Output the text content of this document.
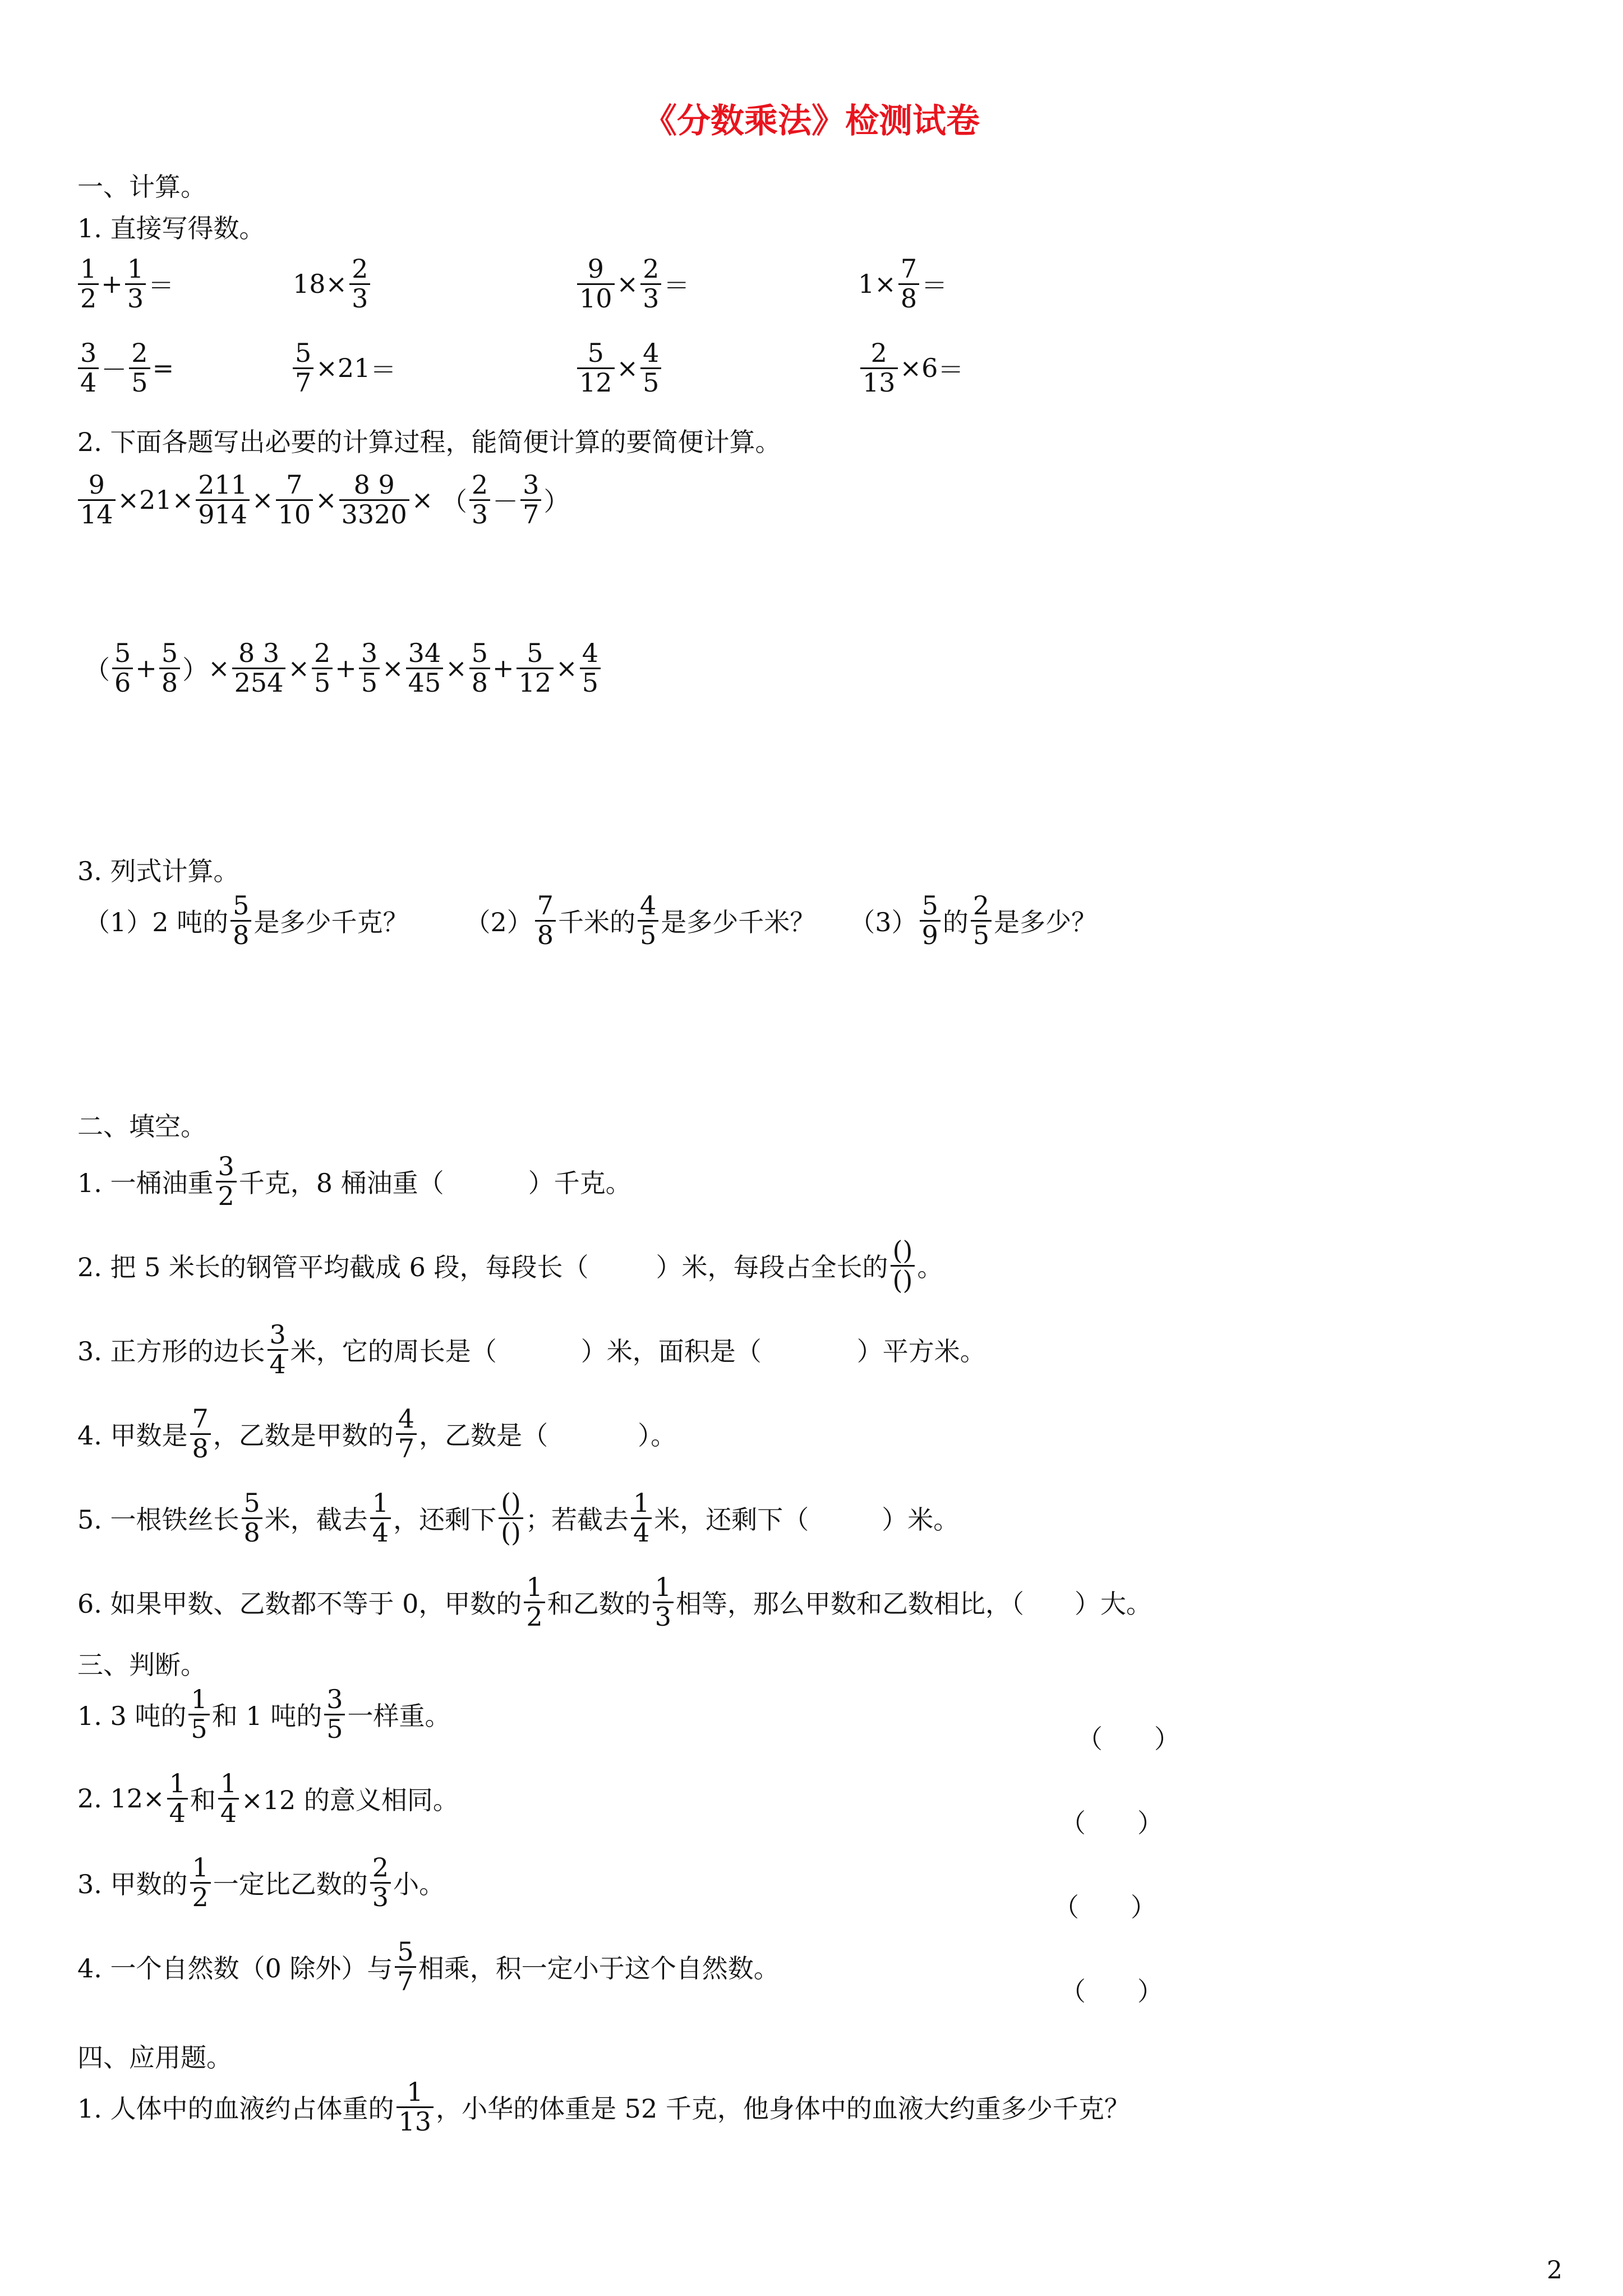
《分数乘法》检测试卷
一、计算。
1. 直接写得数。
$\frac{1}{2} + \frac{1}{3}$ ＝	$18 \times \frac{2}{3}$	$\frac{9}{10} \times \frac{2}{3}$ ＝	$1 \times \frac{7}{8}$ ＝
$\frac{3}{4} - \frac{2}{5}$ =	$\frac{5}{7} \times 21$ ＝	$\frac{5}{12} \times \frac{4}{5}$	$\frac{2}{13} \times 6$ ＝
2. 下面各题写出必要的计算过程，能简便计算的要简便计算。
$\frac{9}{14} \times 21 \times \frac{211}{914} \times \frac{7}{10} \times \frac{8 9}{3320}$ ×
（ $\frac{2}{3} - \frac{3}{7}$ ）
（ $\frac{5}{6} + \frac{5}{8}$ ） × $\frac{8 3}{254} \times \frac{2}{5} + \frac{3}{5} \times \frac{34}{45} \times \frac{5}{8} + \frac{5}{12} \times \frac{4}{5}$
3. 列式计算。
（1）2 吨的 $\frac{5}{8}$ 是多少千克？ $(2) \frac{7}{8}$ 千米的 $\frac{4}{5}$ 是多少千米？ $(3) \frac{5}{9}$ 的 $\frac{2}{5}$ 是多少？
二、填空。
1. 一桶油重 $\frac{3}{2}$ 千克，8 桶油重（	）千克。
2. 把 5 米长的钢管平均截成 6 段，每段长（	）米，每段占全长的 $\frac{()}{()}$ 。
3. 正方形的边长 $\frac{3}{4}$ 米，它的周长是（	）米，面积是（	）平方米。
4. 甲数是 $\frac{7}{8}$ ，乙数是甲数的 $\frac{4}{7}$ ，乙数是（	）。
5. 一根铁丝长 $\frac{5}{8}$ 米，截去 $\frac{1}{4}$ ，还剩下 $\frac{()}{()}$ ；若截去 $\frac{1}{4}$ 米，还剩下（	）米。
6. 如果甲数、乙数都不等于 0，甲数的 $\frac{1}{2}$ 和乙数的 $\frac{1}{3}$ 相等，那么甲数和乙数相比，（ ）大。
三、判断。
1. 3 吨的 $\frac{1}{5}$ 和 1 吨的 $\frac{3}{5}$ 一样重。
（　　）
2. $12\times \frac{1}{4}$ 和 $\frac{1}{4} \times 12$ 的意义相同。
（　　）
3. 甲数的 $\frac{1}{2}$ 一定比乙数的 $\frac{2}{3}$ 小。
（　　）
4. 一个自然数（0 除外）与 $\frac{5}{7}$ 相乘，积一定小于这个自然数。
（　　）
四、应用题。
1. 人体中的血液约占体重的 $\frac{1}{13}$ ，小华的体重是 52 千克，他身体中的血液大约重多少千克？
2
